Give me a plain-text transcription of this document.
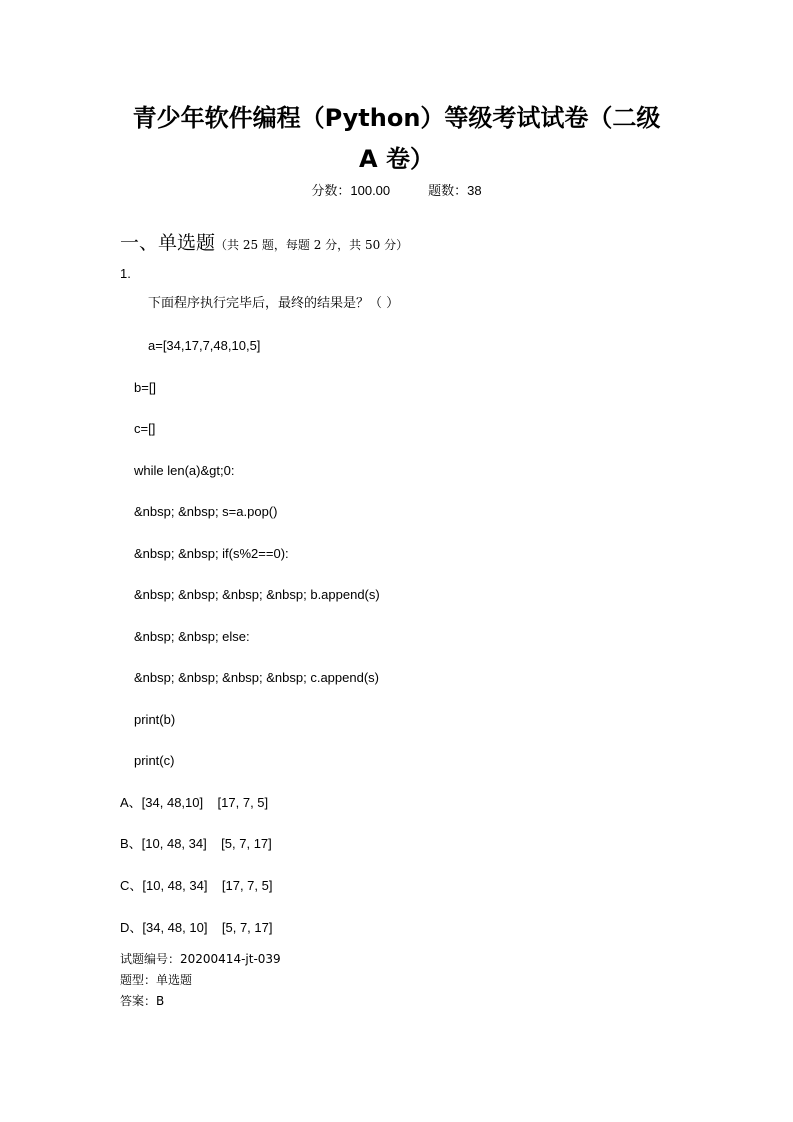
青少年软件编程（Python）等级考试试卷（二级
A 卷）
分数：100.00	题数：38
一、单选题（共 25 题，每题 2 分，共 50 分）
1.
下面程序执行完毕后，最终的结果是？（ ）
a=[34,17,7,48,10,5]
b=[]
c=[]
while len(a)&gt;0:
&nbsp; &nbsp; s=a.pop()
&nbsp; &nbsp; if(s%2==0):
&nbsp; &nbsp; &nbsp; &nbsp; b.append(s)
&nbsp; &nbsp; else:
&nbsp; &nbsp; &nbsp; &nbsp; c.append(s)
print(b)
print(c)
A、[34, 48,10]    [17, 7, 5]
B、[10, 48, 34]    [5, 7, 17]
C、[10, 48, 34]    [17, 7, 5]
D、[34, 48, 10]    [5, 7, 17]
试题编号：20200414-jt-039
题型：单选题
答案：B
